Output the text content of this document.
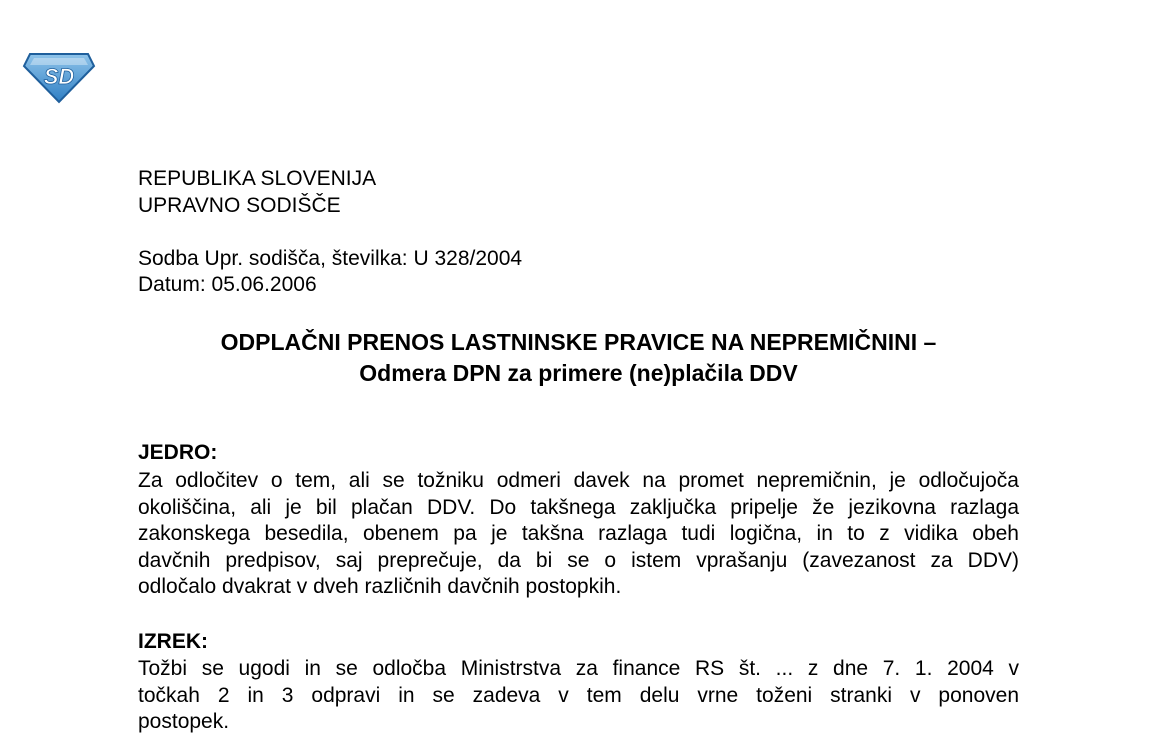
SD
REPUBLIKA SLOVENIJA
UPRAVNO SODIŠČE
Sodba Upr. sodišča, številka: U 328/2004
Datum: 05.06.2006
ODPLAČNI PRENOS LASTNINSKE PRAVICE NA NEPREMIČNINI –
Odmera DPN za primere (ne)plačila DDV
JEDRO:
Za odločitev o tem, ali se tožniku odmeri davek na promet nepremičnin, je odločujoča
okoliščina, ali je bil plačan DDV. Do takšnega zaključka pripelje že jezikovna razlaga
zakonskega besedila, obenem pa je takšna razlaga tudi logična, in to z vidika obeh
davčnih predpisov, saj preprečuje, da bi se o istem vprašanju (zavezanost za DDV)
odločalo dvakrat v dveh različnih davčnih postopkih.
IZREK:
Tožbi se ugodi in se odločba Ministrstva za finance RS št. ... z dne 7. 1. 2004 v
točkah 2 in 3 odpravi in se zadeva v tem delu vrne toženi stranki v ponoven
postopek.
